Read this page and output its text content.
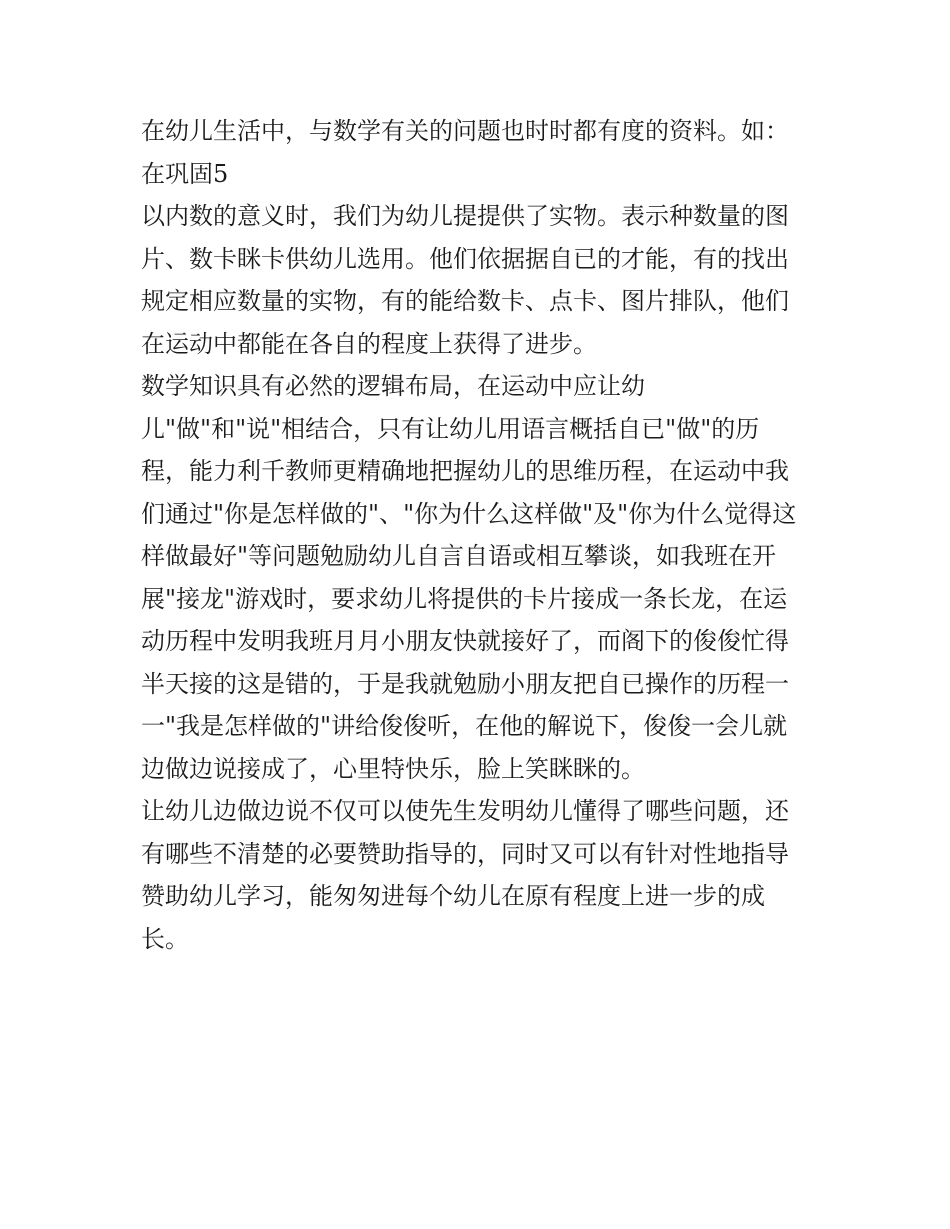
在幼儿生活中，与数学有关的问题也时时都有度的资料。如：
在巩固5

以内数的意义时，我们为幼儿提提供了实物。表示种数量的图
片、数卡眯卡供幼儿选用。他们依据据自已的才能，有的找出
规定相应数量的实物，有的能给数卡、点卡、图片排队，他们
在运动中都能在各自的程度上获得了进步。

数学知识具有必然的逻辑布局，在运动中应让幼

儿"做"和"说"相结合，只有让幼儿用语言概括自已"做"的历
程，能力利千教师更精确地把握幼儿的思维历程，在运动中我
们通过"你是怎样做的"、"你为什么这样做"及"你为什么觉得这
样做最好"等问题勉励幼儿自言自语或相互攀谈，如我班在开
展"接龙"游戏时，要求幼儿将提供的卡片接成一条长龙，在运
动历程中发明我班月月小朋友快就接好了，而阁下的俊俊忙得
半天接的这是错的，于是我就勉励小朋友把自已操作的历程一
一"我是怎样做的"讲给俊俊听，在他的解说下，俊俊一会儿就
边做边说接成了，心里特快乐，脸上笑眯眯的。

让幼儿边做边说不仅可以使先生发明幼儿懂得了哪些问题，还
有哪些不清楚的必要赞助指导的，同时又可以有针对性地指导
赞助幼儿学习，能匆匆进每个幼儿在原有程度上进一步的成
长。
